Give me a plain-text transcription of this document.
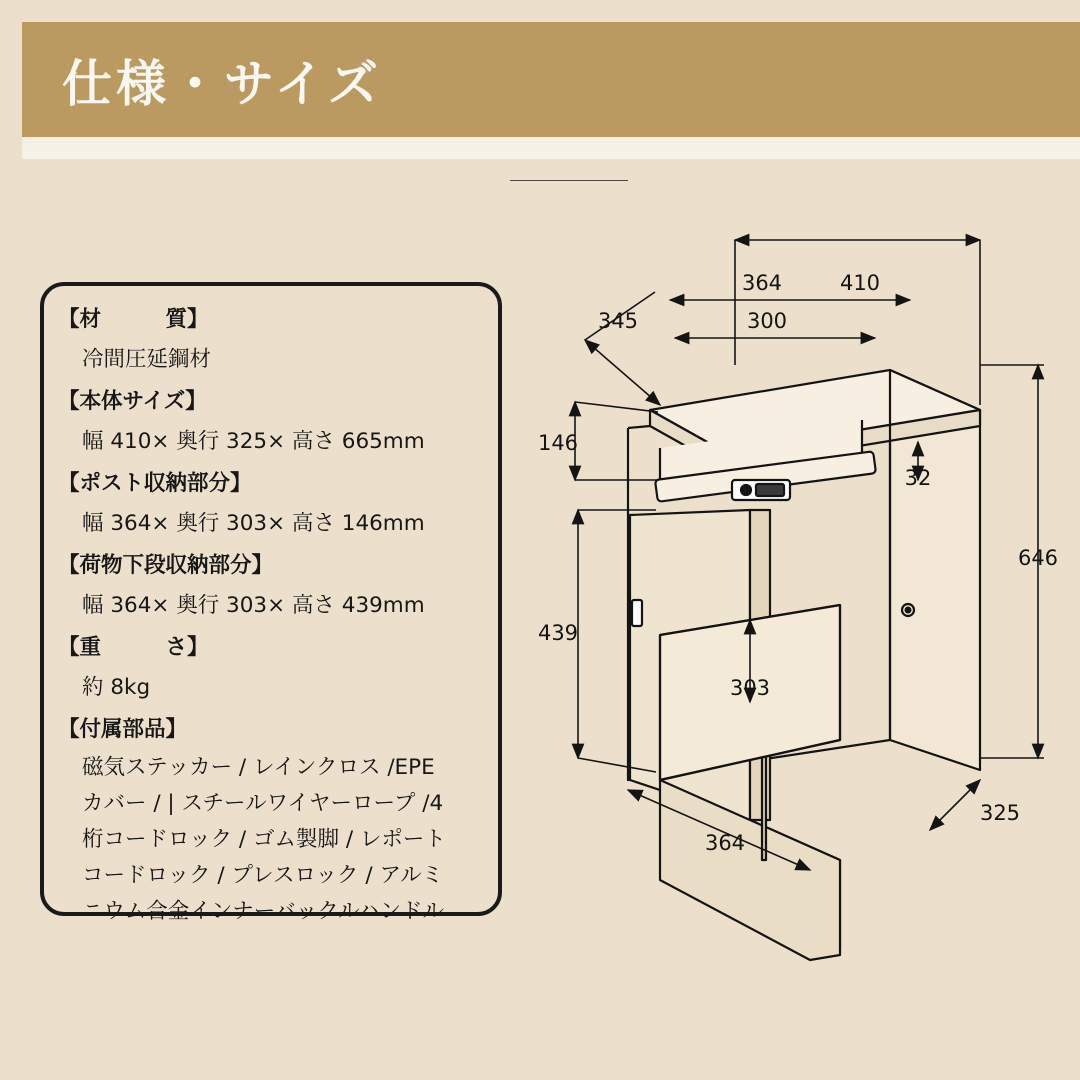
仕様・サイズ
【材　　　質】
冷間圧延鋼材
【本体サイズ】
幅 410× 奥行 325× 高さ 665mm
【ポスト収納部分】
幅 364× 奥行 303× 高さ 146mm
【荷物下段収納部分】
幅 364× 奥行 303× 高さ 439mm
【重　　　さ】
約 8kg
【付属部品】
磁気ステッカー / レインクロス /EPE
カバー / | スチールワイヤーロープ /4
桁コードロック / ゴム製脚 / レポート
コードロック / プレスロック / アルミ
ニウム合金インナーバックルハンドル
410
345
364
300
146
32
439
646
303
364
325
